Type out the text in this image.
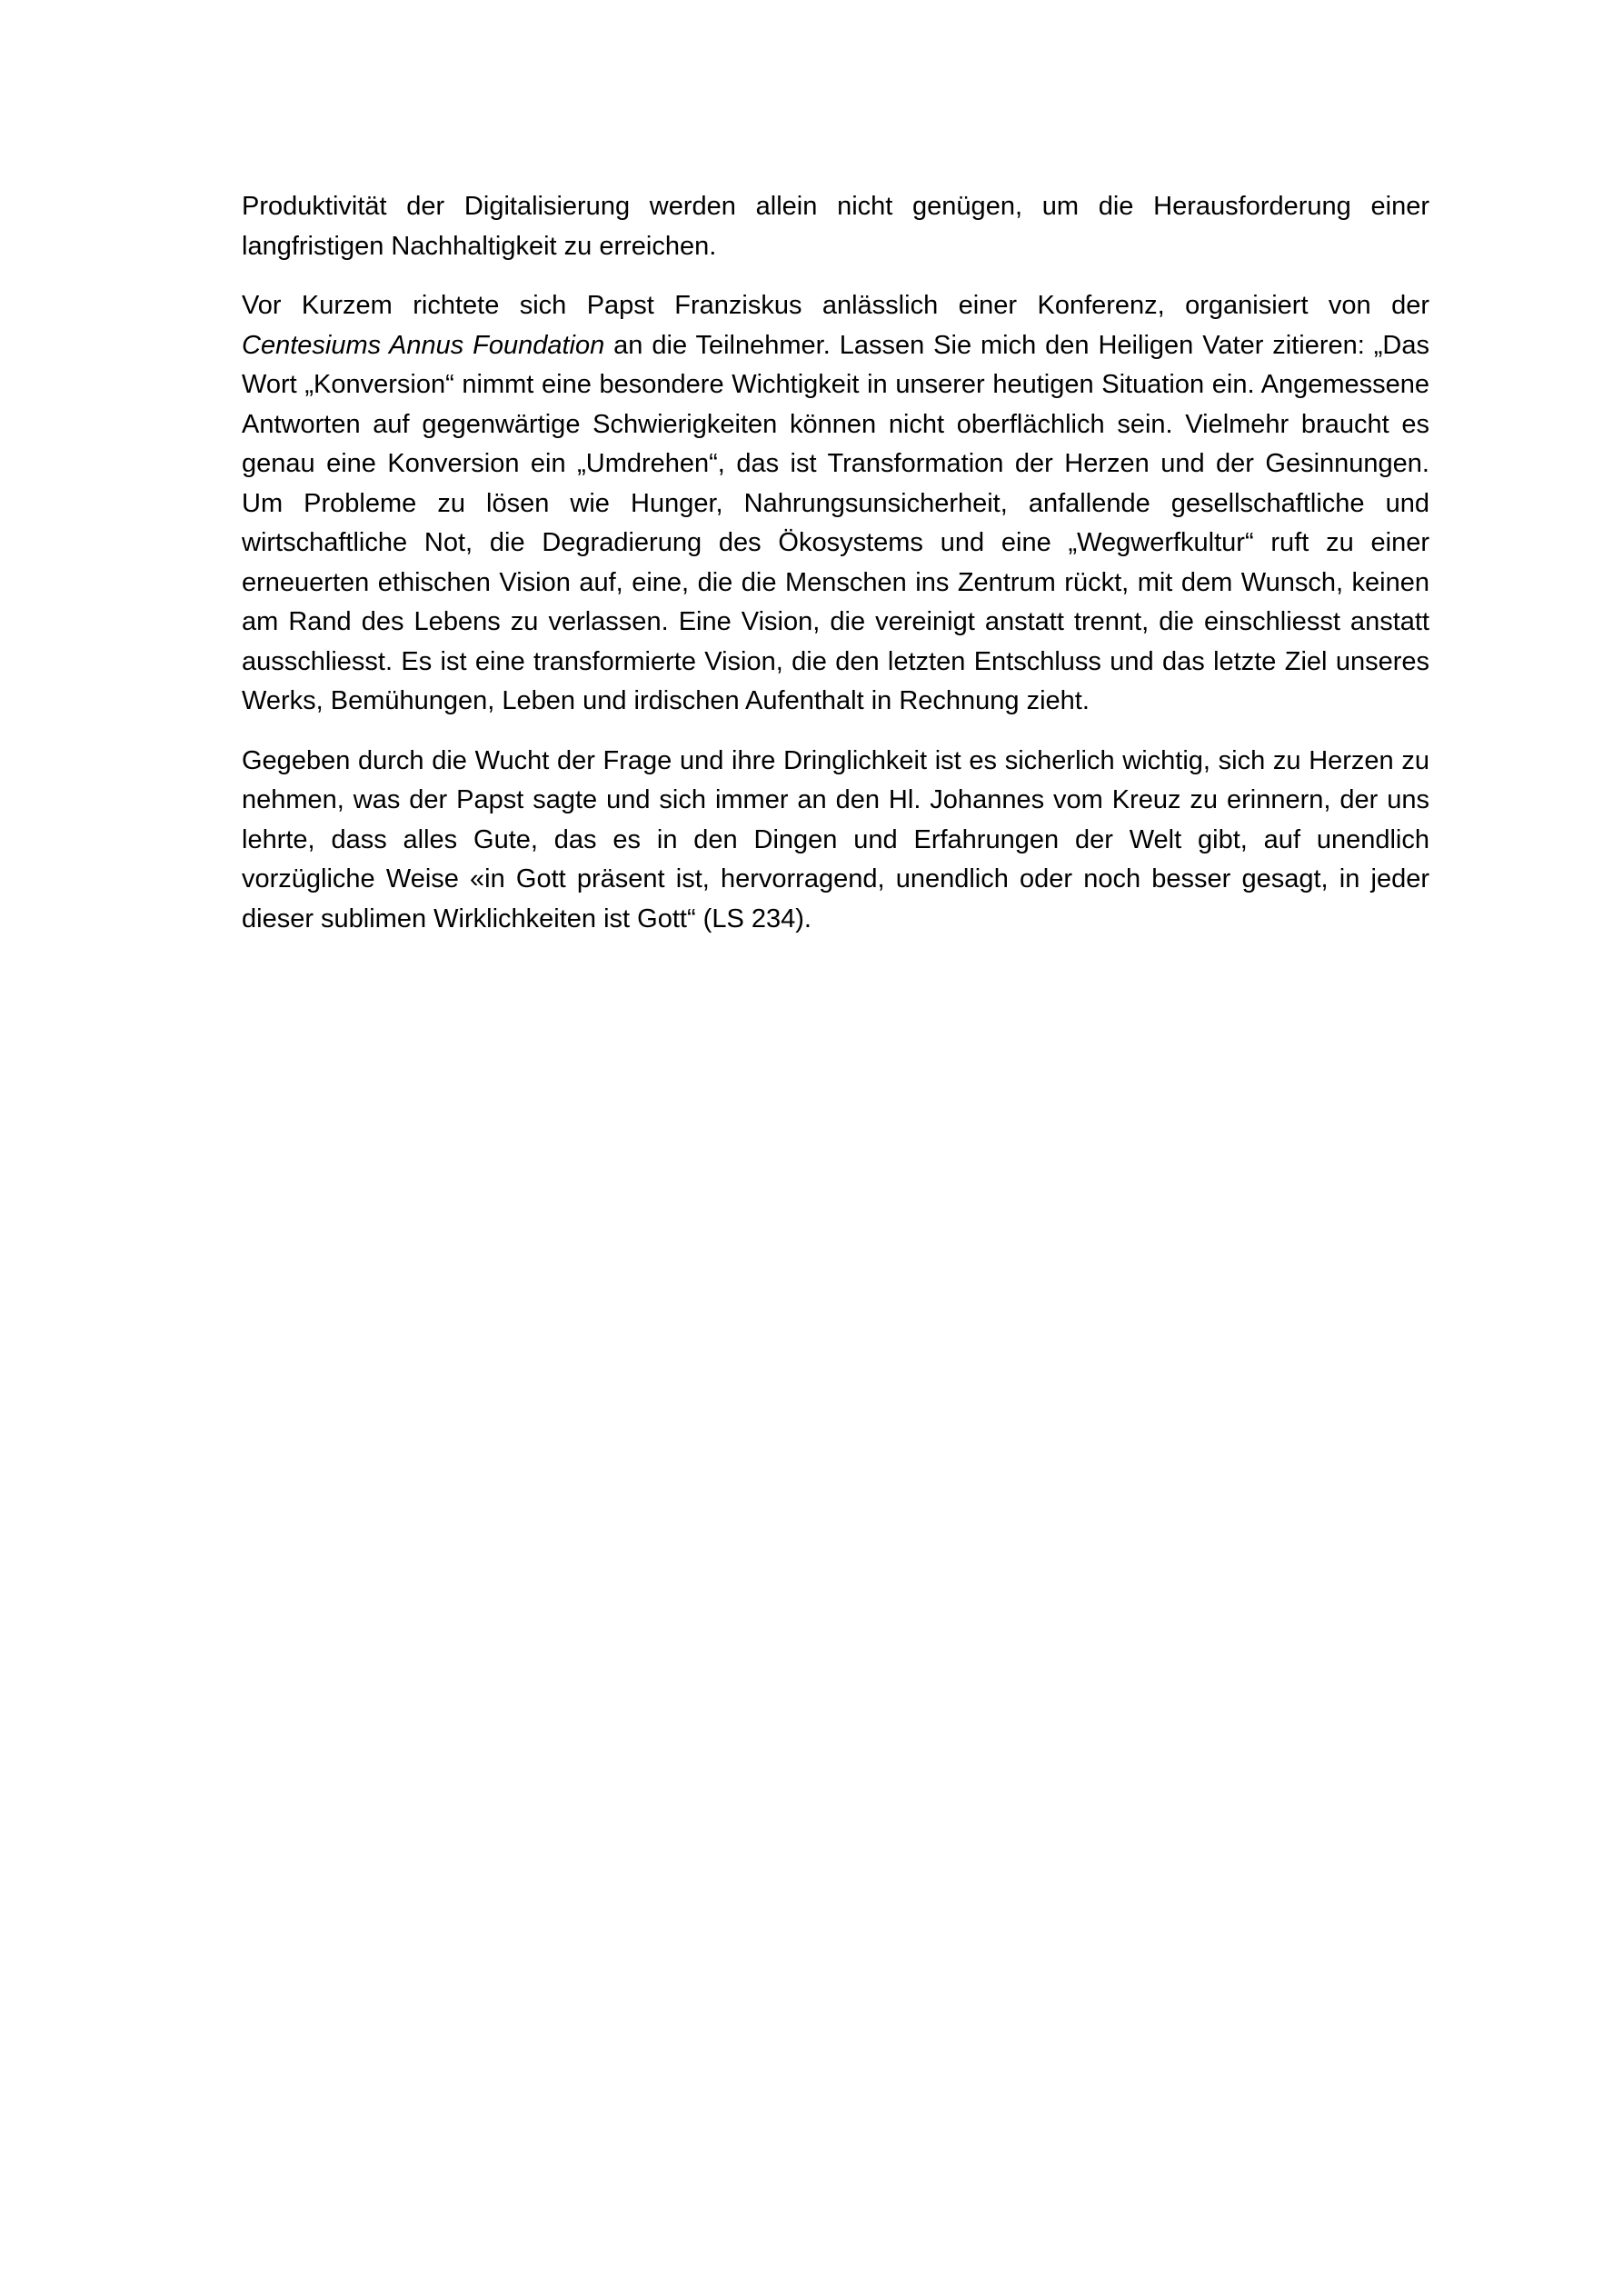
Produktivität der Digitalisierung werden allein nicht genügen, um die Herausforderung einer langfristigen Nachhaltigkeit zu erreichen.

Vor Kurzem richtete sich Papst Franziskus anlässlich einer Konferenz, organisiert von der Centesiums Annus Foundation an die Teilnehmer. Lassen Sie mich den Heiligen Vater zitieren: „Das Wort „Konversion“ nimmt eine besondere Wichtigkeit in unserer heutigen Situation ein. Angemessene Antworten auf gegenwärtige Schwierigkeiten können nicht oberflächlich sein. Vielmehr braucht es genau eine Konversion ein „Umdrehen“, das ist Transformation der Herzen und der Gesinnungen. Um Probleme zu lösen wie Hunger, Nahrungsunsicherheit, anfallende gesellschaftliche und wirtschaftliche Not, die Degradierung des Ökosystems und eine „Wegwerfkultur“ ruft zu einer erneuerten ethischen Vision auf, eine, die die Menschen ins Zentrum rückt, mit dem Wunsch, keinen am Rand des Lebens zu verlassen. Eine Vision, die vereinigt anstatt trennt, die einschliesst anstatt ausschliesst. Es ist eine transformierte Vision, die den letzten Entschluss und das letzte Ziel unseres Werks, Bemühungen, Leben und irdischen Aufenthalt in Rechnung zieht.

Gegeben durch die Wucht der Frage und ihre Dringlichkeit ist es sicherlich wichtig, sich zu Herzen zu nehmen, was der Papst sagte und sich immer an den Hl. Johannes vom Kreuz zu erinnern, der uns lehrte, dass alles Gute, das es in den Dingen und Erfahrungen der Welt gibt, auf unendlich vorzügliche Weise «in Gott präsent ist, hervorragend, unendlich oder noch besser gesagt, in jeder dieser sublimen Wirklichkeiten ist Gott“ (LS 234).
